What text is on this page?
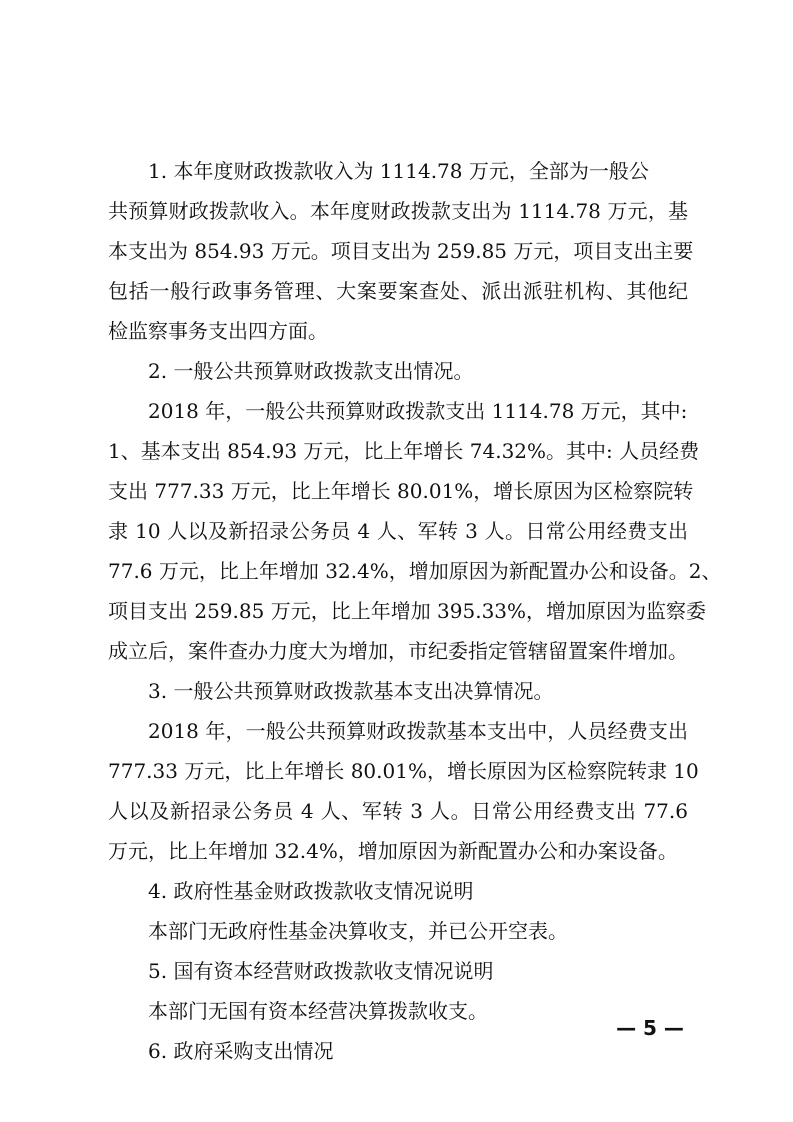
1. 本年度财政拨款收入为 1114.78 万元，全部为一般公
共预算财政拨款收入。本年度财政拨款支出为 1114.78 万元，基
本支出为 854.93 万元。项目支出为 259.85 万元，项目支出主要
包括一般行政事务管理、大案要案查处、派出派驻机构、其他纪
检监察事务支出四方面。
2. 一般公共预算财政拨款支出情况。
2018 年，一般公共预算财政拨款支出 1114.78 万元，其中:
1、基本支出 854.93 万元，比上年增长 74.32%。其中: 人员经费
支出 777.33 万元，比上年增长 80.01%，增长原因为区检察院转
隶 10 人以及新招录公务员 4 人、军转 3 人。日常公用经费支出
77.6 万元，比上年增加 32.4%，增加原因为新配置办公和设备。2、
项目支出 259.85 万元，比上年增加 395.33%，增加原因为监察委
成立后，案件查办力度大为增加，市纪委指定管辖留置案件增加。
3. 一般公共预算财政拨款基本支出决算情况。
2018 年，一般公共预算财政拨款基本支出中，人员经费支出
777.33 万元，比上年增长 80.01%，增长原因为区检察院转隶 10
人以及新招录公务员 4 人、军转 3 人。日常公用经费支出 77.6
万元，比上年增加 32.4%，增加原因为新配置办公和办案设备。
4. 政府性基金财政拨款收支情况说明
本部门无政府性基金决算收支，并已公开空表。
5. 国有资本经营财政拨款收支情况说明
本部门无国有资本经营决算拨款收支。
6. 政府采购支出情况
— 5 —
